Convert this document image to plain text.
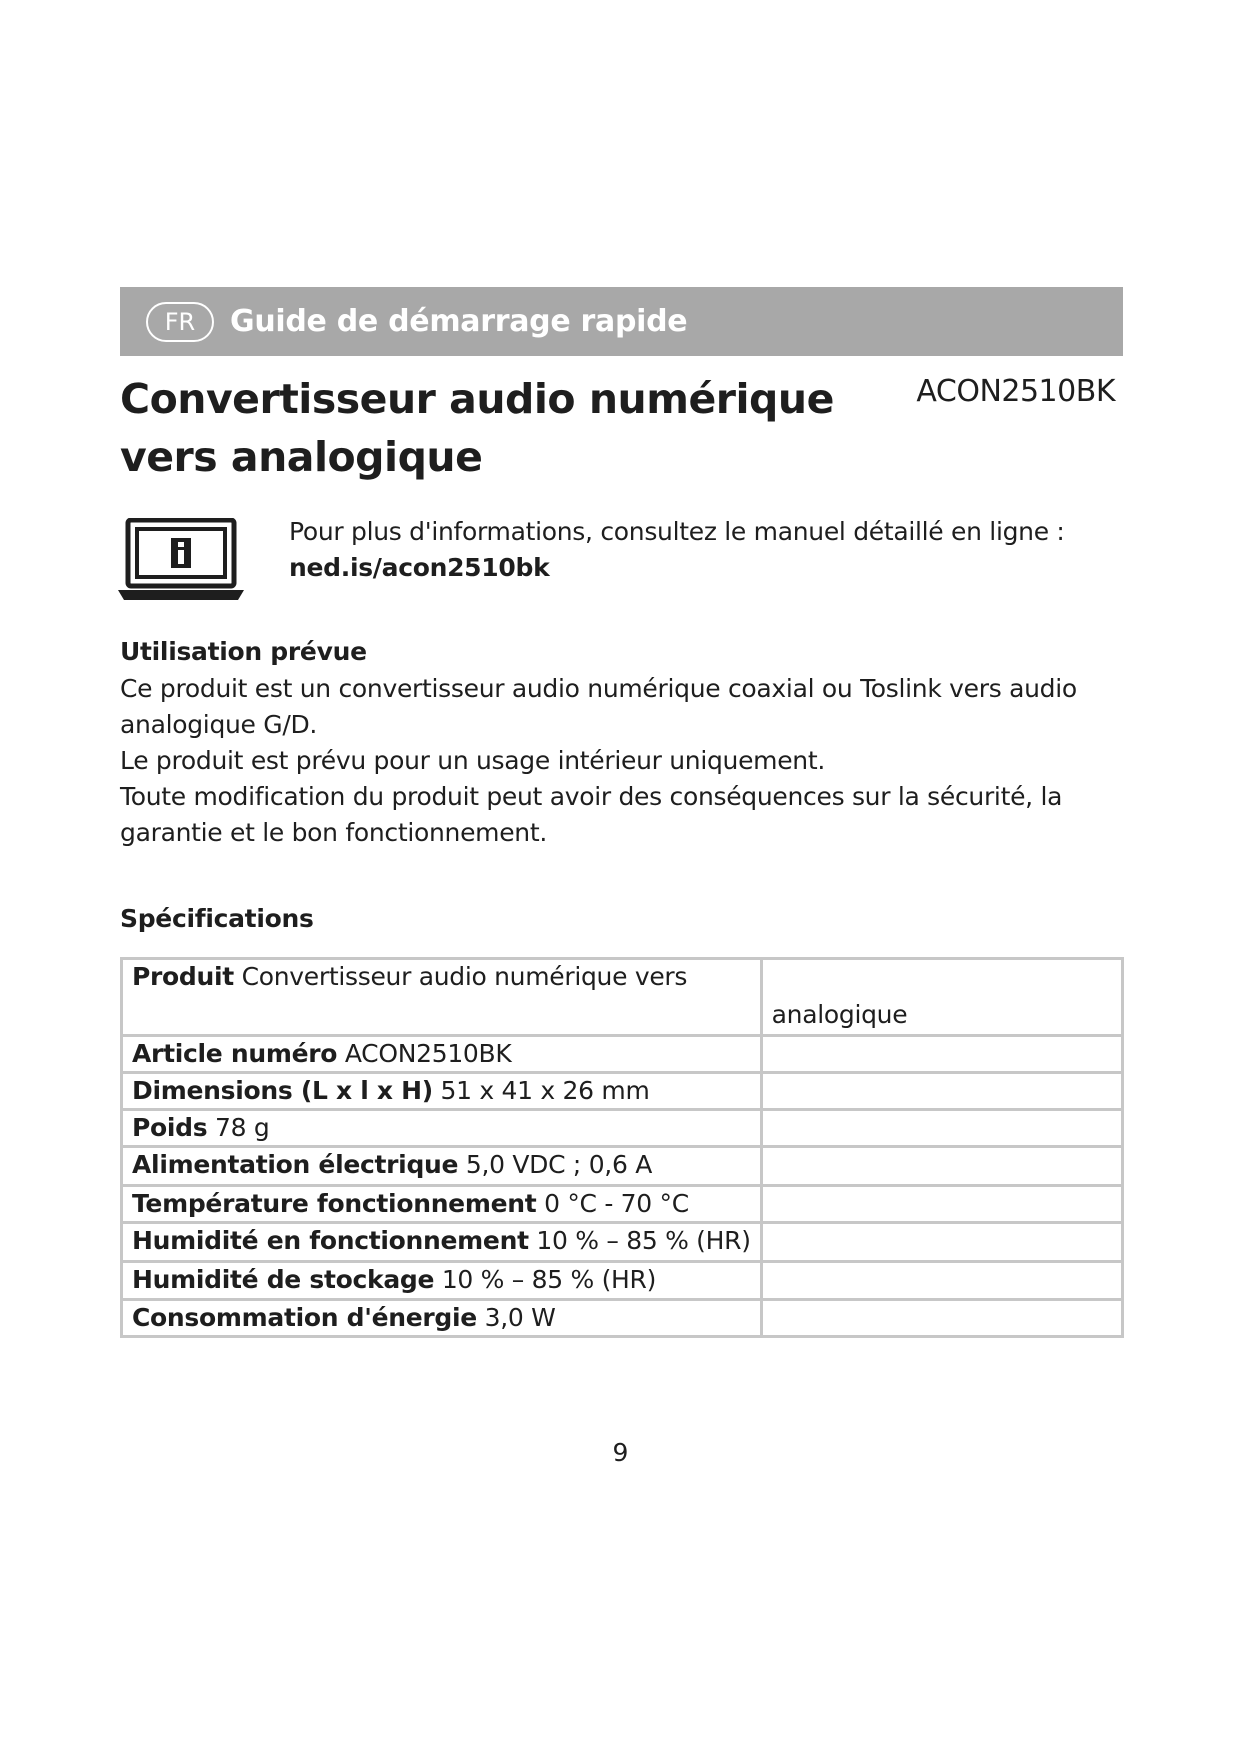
FR	Guide de démarrage rapide
Convertisseur audio numérique vers analogique
ACON2510BK
Pour plus d'informations, consultez le manuel détaillé en ligne :
ned.is/acon2510bk
Utilisation prévue

Ce produit est un convertisseur audio numérique coaxial ou Toslink vers audio analogique G/D.

Le produit est prévu pour un usage intérieur uniquement.

Toute modification du produit peut avoir des conséquences sur la sécurité, la garantie et le bon fonctionnement.

Spécifications
Produit Convertisseur audio numérique vers	analogique
Article numéro ACON2510BK	
Dimensions (L x l x H) 51 x 41 x 26 mm	
Poids 78 g	
Alimentation électrique 5,0 VDC ; 0,6 A	
Température fonctionnement 0 °C - 70 °C	
Humidité en fonctionnement 10 % – 85 % (HR)	
Humidité de stockage 10 % – 85 % (HR)	
Consommation d'énergie 3,0 W	
9
